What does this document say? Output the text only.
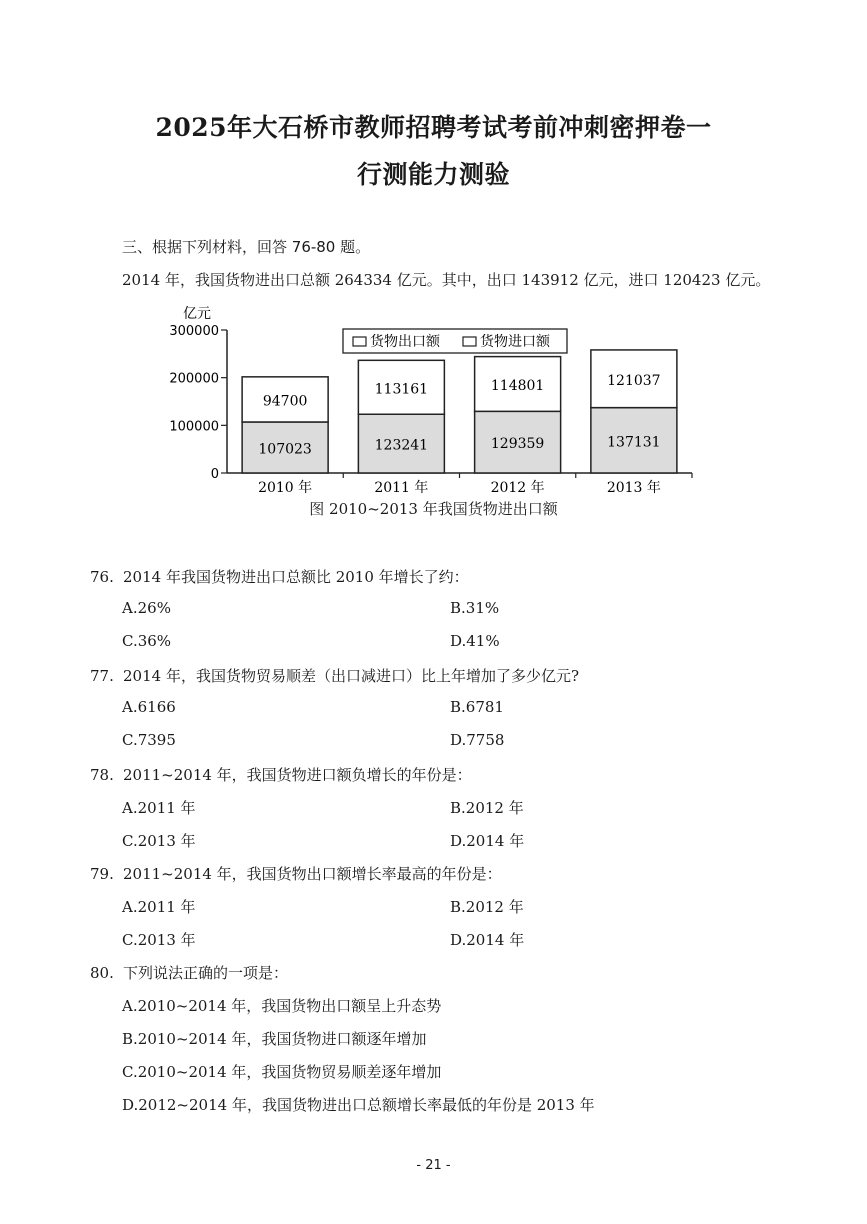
2025年大石桥市教师招聘考试考前冲刺密押卷一
行测能力测验
三、根据下列材料，回答 76-80 题。
2014 年，我国货物进出口总额 264334 亿元。其中，出口 143912 亿元，进口 120423 亿元。
亿元
0
100000
200000
300000
107023
94700
2010 年
123241
113161
2011 年
129359
114801
2012 年
137131
121037
2013 年
货物出口额	货物进口额
图 2010~2013 年我国货物进出口额
76. 2014 年我国货物进出口总额比 2010 年增长了约：
A.26%	B.31%
C.36%	D.41%
77. 2014 年，我国货物贸易顺差（出口减进口）比上年增加了多少亿元?
A.6166	B.6781
C.7395	D.7758
78. 2011~2014 年，我国货物进口额负增长的年份是：
A.2011 年	B.2012 年
C.2013 年	D.2014 年
79. 2011~2014 年，我国货物出口额增长率最高的年份是：
A.2011 年	B.2012 年
C.2013 年	D.2014 年
80. 下列说法正确的一项是：
A.2010~2014 年，我国货物出口额呈上升态势
B.2010~2014 年，我国货物进口额逐年增加
C.2010~2014 年，我国货物贸易顺差逐年增加
D.2012~2014 年，我国货物进出口总额增长率最低的年份是 2013 年
- 21 -
